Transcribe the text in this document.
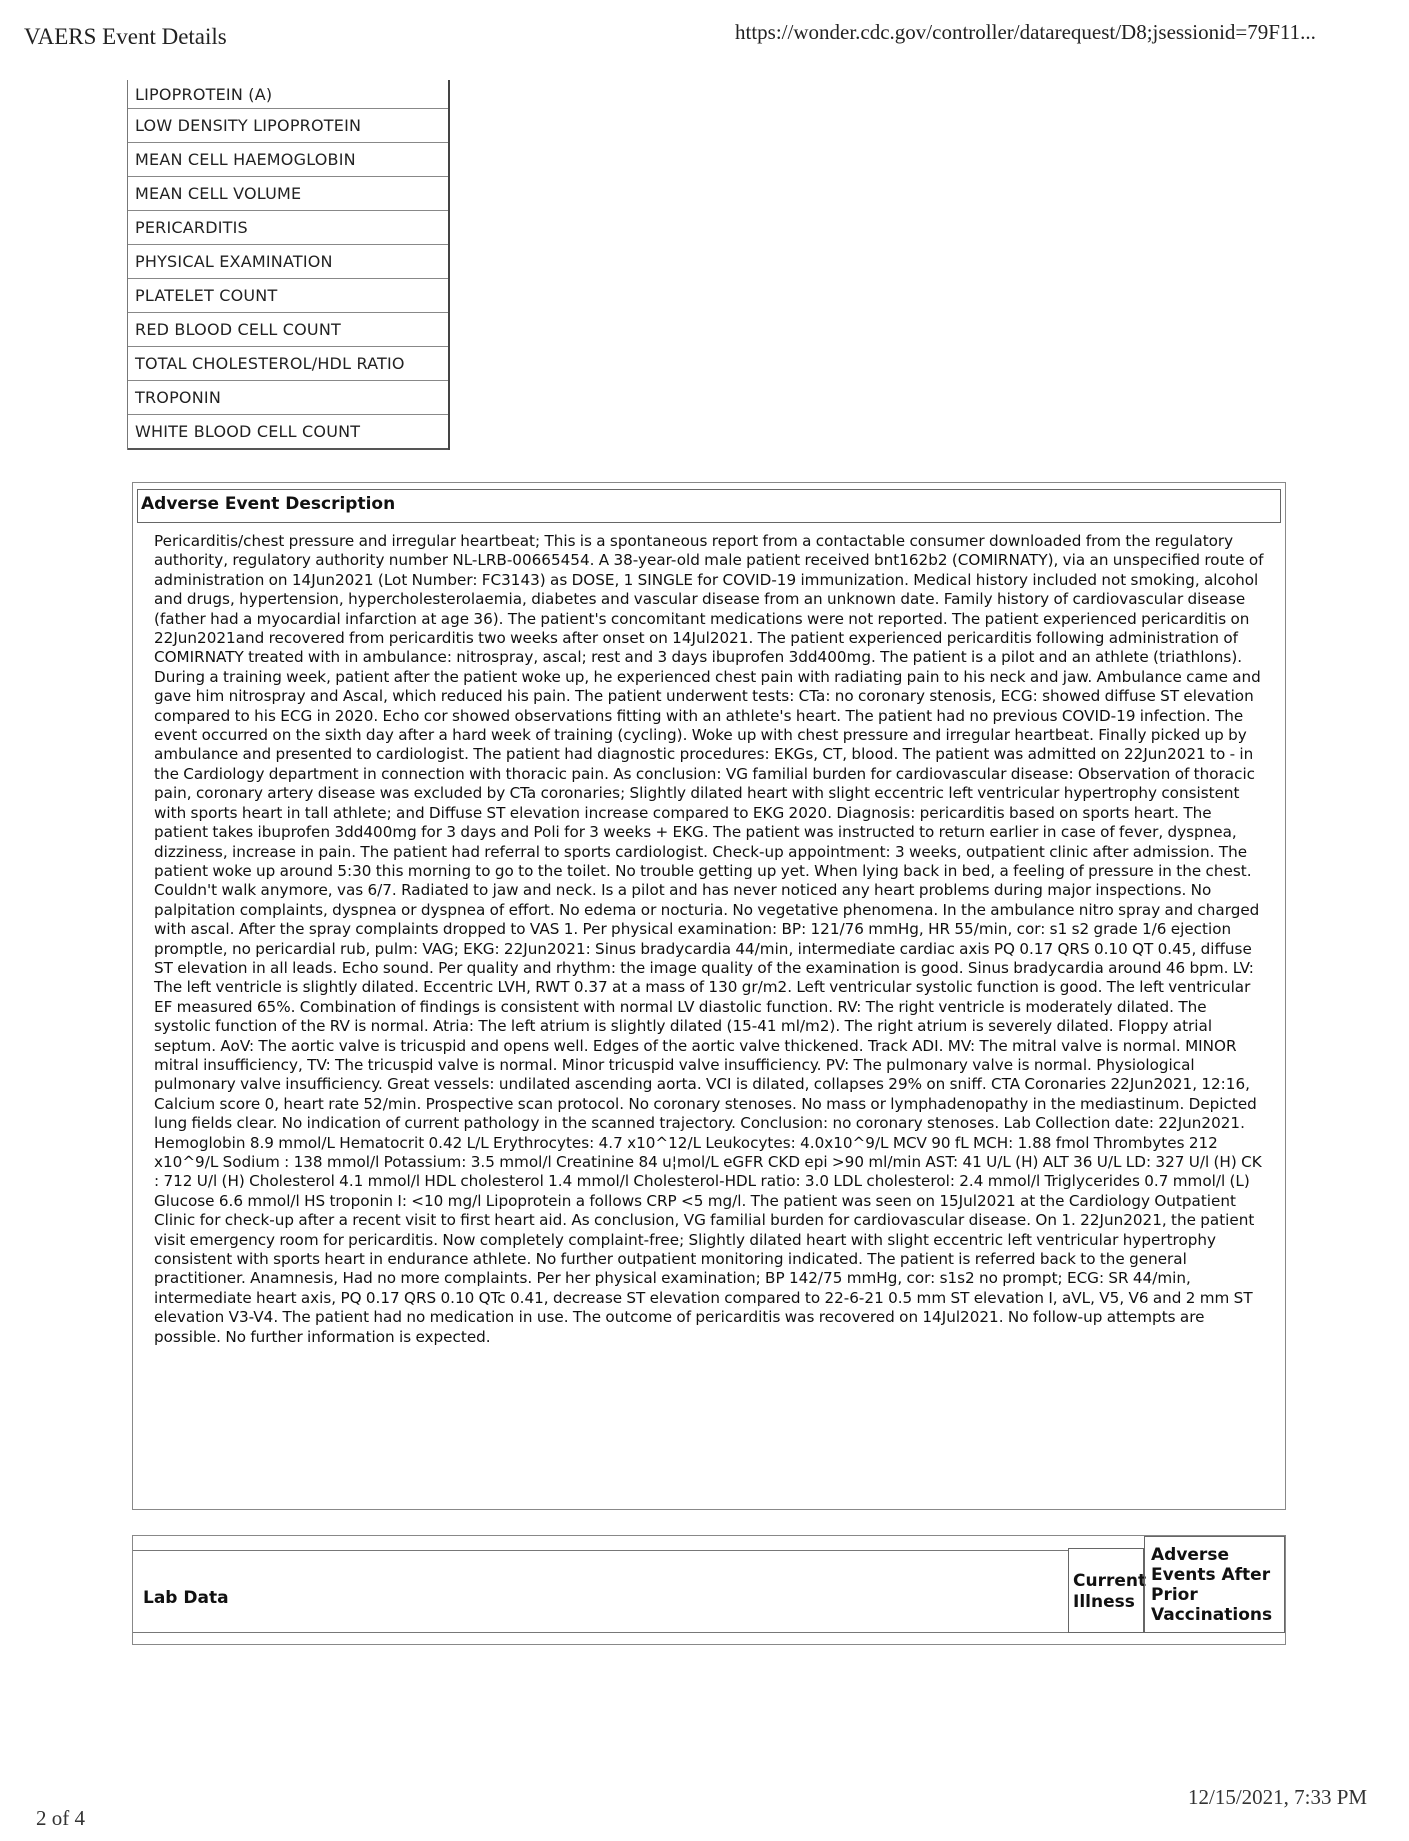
VAERS Event Details	https://wonder.cdc.gov/controller/datarequest/D8;jsessionid=79F11...
LIPOPROTEIN (A)
LOW DENSITY LIPOPROTEIN
MEAN CELL HAEMOGLOBIN
MEAN CELL VOLUME
PERICARDITIS
PHYSICAL EXAMINATION
PLATELET COUNT
RED BLOOD CELL COUNT
TOTAL CHOLESTEROL/HDL RATIO
TROPONIN
WHITE BLOOD CELL COUNT
Adverse Event Description
Pericarditis/chest pressure and irregular heartbeat; This is a spontaneous report from a contactable consumer downloaded from the regulatory authority, regulatory authority number NL-LRB-00665454. A 38-year-old male patient received bnt162b2 (COMIRNATY), via an unspecified route of administration on 14Jun2021 (Lot Number: FC3143) as DOSE, 1 SINGLE for COVID-19 immunization. Medical history included not smoking, alcohol and drugs, hypertension, hypercholesterolaemia, diabetes and vascular disease from an unknown date. Family history of cardiovascular disease (father had a myocardial infarction at age 36). The patient's concomitant medications were not reported. The patient experienced pericarditis on 22Jun2021and recovered from pericarditis two weeks after onset on 14Jul2021. The patient experienced pericarditis following administration of COMIRNATY treated with in ambulance: nitrospray, ascal; rest and 3 days ibuprofen 3dd400mg. The patient is a pilot and an athlete (triathlons). During a training week, patient after the patient woke up, he experienced chest pain with radiating pain to his neck and jaw. Ambulance came and gave him nitrospray and Ascal, which reduced his pain. The patient underwent tests: CTa: no coronary stenosis, ECG: showed diffuse ST elevation compared to his ECG in 2020. Echo cor showed observations fitting with an athlete's heart. The patient had no previous COVID-19 infection. The event occurred on the sixth day after a hard week of training (cycling). Woke up with chest pressure and irregular heartbeat. Finally picked up by ambulance and presented to cardiologist. The patient had diagnostic procedures: EKGs, CT, blood. The patient was admitted on 22Jun2021 to - in the Cardiology department in connection with thoracic pain. As conclusion: VG familial burden for cardiovascular disease: Observation of thoracic pain, coronary artery disease was excluded by CTa coronaries; Slightly dilated heart with slight eccentric left ventricular hypertrophy consistent with sports heart in tall athlete; and Diffuse ST elevation increase compared to EKG 2020. Diagnosis: pericarditis based on sports heart. The patient takes ibuprofen 3dd400mg for 3 days and Poli for 3 weeks + EKG. The patient was instructed to return earlier in case of fever, dyspnea, dizziness, increase in pain. The patient had referral to sports cardiologist. Check-up appointment: 3 weeks, outpatient clinic after admission. The patient woke up around 5:30 this morning to go to the toilet. No trouble getting up yet. When lying back in bed, a feeling of pressure in the chest. Couldn't walk anymore, vas 6/7. Radiated to jaw and neck. Is a pilot and has never noticed any heart problems during major inspections. No palpitation complaints, dyspnea or dyspnea of effort. No edema or nocturia. No vegetative phenomena. In the ambulance nitro spray and charged with ascal. After the spray complaints dropped to VAS 1. Per physical examination: BP: 121/76 mmHg, HR 55/min, cor: s1 s2 grade 1/6 ejection promptle, no pericardial rub, pulm: VAG; EKG: 22Jun2021: Sinus bradycardia 44/min, intermediate cardiac axis PQ 0.17 QRS 0.10 QT 0.45, diffuse ST elevation in all leads. Echo sound. Per quality and rhythm: the image quality of the examination is good. Sinus bradycardia around 46 bpm. LV: The left ventricle is slightly dilated. Eccentric LVH, RWT 0.37 at a mass of 130 gr/m2. Left ventricular systolic function is good. The left ventricular EF measured 65%. Combination of findings is consistent with normal LV diastolic function. RV: The right ventricle is moderately dilated. The systolic function of the RV is normal. Atria: The left atrium is slightly dilated (15-41 ml/m2). The right atrium is severely dilated. Floppy atrial septum. AoV: The aortic valve is tricuspid and opens well. Edges of the aortic valve thickened. Track ADI. MV: The mitral valve is normal. MINOR mitral insufficiency, TV: The tricuspid valve is normal. Minor tricuspid valve insufficiency. PV: The pulmonary valve is normal. Physiological pulmonary valve insufficiency. Great vessels: undilated ascending aorta. VCI is dilated, collapses 29% on sniff. CTA Coronaries 22Jun2021, 12:16, Calcium score 0, heart rate 52/min. Prospective scan protocol. No coronary stenoses. No mass or lymphadenopathy in the mediastinum. Depicted lung fields clear. No indication of current pathology in the scanned trajectory. Conclusion: no coronary stenoses. Lab Collection date: 22Jun2021. Hemoglobin 8.9 mmol/L Hematocrit 0.42 L/L Erythrocytes: 4.7 x10^12/L Leukocytes: 4.0x10^9/L MCV 90 fL MCH: 1.88 fmol Thrombytes 212 x10^9/L Sodium : 138 mmol/l Potassium: 3.5 mmol/l Creatinine 84 u¦mol/L eGFR CKD epi >90 ml/min AST: 41 U/L (H) ALT 36 U/L LD: 327 U/l (H) CK : 712 U/l (H) Cholesterol 4.1 mmol/l HDL cholesterol 1.4 mmol/l Cholesterol-HDL ratio: 3.0 LDL cholesterol: 2.4 mmol/l Triglycerides 0.7 mmol/l (L) Glucose 6.6 mmol/l HS troponin I: <10 mg/l Lipoprotein a follows CRP <5 mg/l. The patient was seen on 15Jul2021 at the Cardiology Outpatient Clinic for check-up after a recent visit to first heart aid. As conclusion, VG familial burden for cardiovascular disease. On 1. 22Jun2021, the patient visit emergency room for pericarditis. Now completely complaint-free; Slightly dilated heart with slight eccentric left ventricular hypertrophy consistent with sports heart in endurance athlete. No further outpatient monitoring indicated. The patient is referred back to the general practitioner. Anamnesis, Had no more complaints. Per her physical examination; BP 142/75 mmHg, cor: s1s2 no prompt; ECG: SR 44/min, intermediate heart axis, PQ 0.17 QRS 0.10 QTc 0.41, decrease ST elevation compared to 22-6-21 0.5 mm ST elevation I, aVL, V5, V6 and 2 mm ST elevation V3-V4. The patient had no medication in use. The outcome of pericarditis was recovered on 14Jul2021. No follow-up attempts are possible. No further information is expected.
Lab Data
Current Illness
Adverse Events After Prior Vaccinations
2 of 4
12/15/2021, 7:33 PM
